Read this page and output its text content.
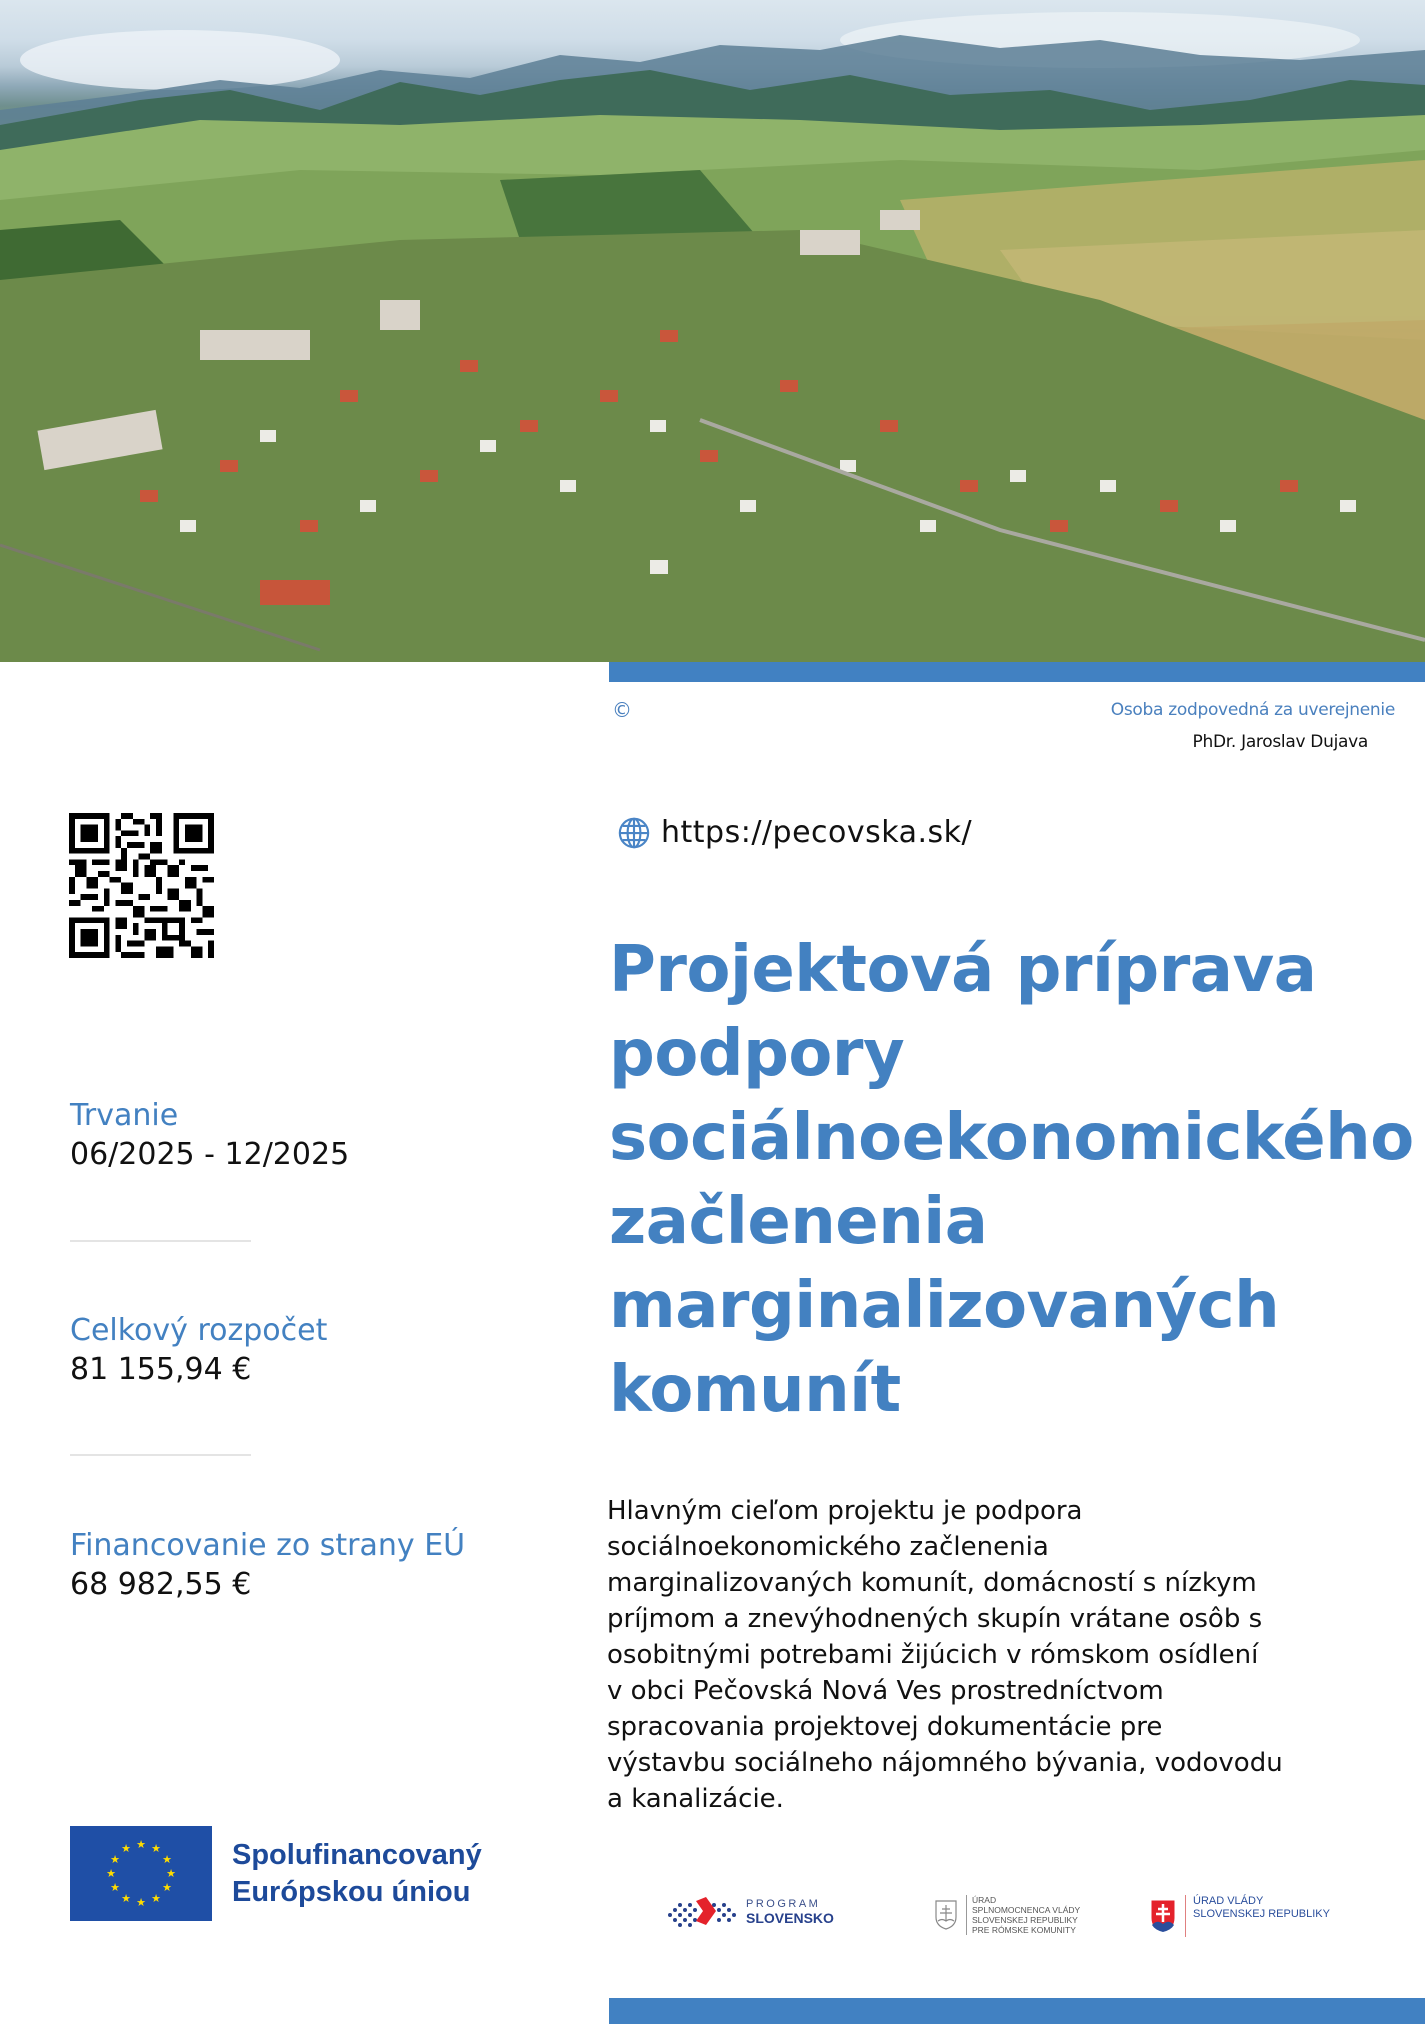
©	Osoba zodpovedná za uverejnenie
PhDr. Jaroslav Dujava
https://pecovska.sk/
Projektová príprava
podpory
sociálnoekonomického
začlenenia
marginalizovaných
komunít
Trvanie
06/2025 - 12/2025
Celkový rozpočet
81 155,94 €
Financovanie zo strany EÚ
68 982,55 €

Hlavným cieľom projektu je podpora
sociálnoekonomického začlenenia
marginalizovaných komunít, domácností s nízkym
príjmom a znevýhodnených skupín vrátane osôb s
osobitnými potrebami žijúcich v rómskom osídlení
v obci Pečovská Nová Ves prostredníctvom
spracovania projektovej dokumentácie pre
výstavbu sociálneho nájomného bývania, vodovodu
a kanalizácie.

★ ★
★
★
★
★
★
★
★
★
★
★	Spolufinancovaný
Európskou úniou	PROGRAM
SLOVENSKO
ÚRAD
SPLNOMOCNENCA VLÁDY
SLOVENSKEJ REPUBLIKY
PRE RÓMSKE KOMUNITY
ÚRAD VLÁDY
SLOVENSKEJ REPUBLIKY
